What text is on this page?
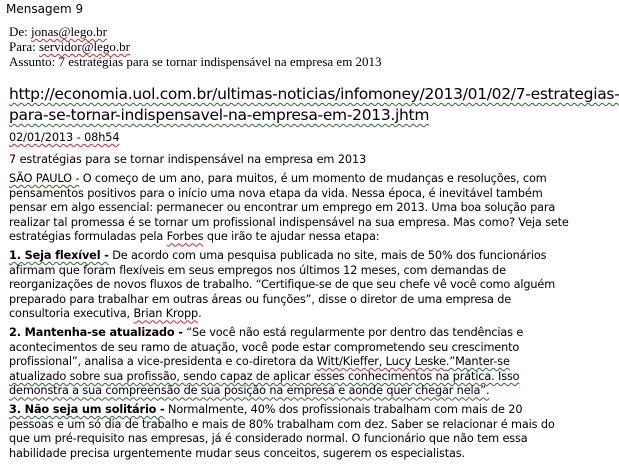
Mensagem 9
De: jonas@lego.br
Para: servidor@lego.br
Assunto: 7 estratégias para se tornar indispensável na empresa em 2013
http://economia.uol.com.br/ultimas-noticias/infomoney/2013/01/02/7-estrategias-
para-se-tornar-indispensavel-na-empresa-em-2013.jhtm
02/01/2013 - 08h54
7 estratégias para se tornar indispensável na empresa em 2013
SÃO PAULO - O começo de um ano, para muitos, é um momento de mudanças e resoluções, com
pensamentos positivos para o início uma nova etapa da vida. Nessa época, é inevitável também
pensar em algo essencial: permanecer ou encontrar um emprego em 2013. Uma boa solução para
realizar tal promessa é se tornar um profissional indispensável na sua empresa. Mas como? Veja sete
estratégias formuladas pela Forbes que irão te ajudar nessa etapa:
1. Seja flexível - De acordo com uma pesquisa publicada no site, mais de 50% dos funcionários
afirmam que foram flexíveis em seus empregos nos últimos 12 meses, com demandas de
reorganizações de novos fluxos de trabalho. “Certifique-se de que seu chefe vê você como alguém
preparado para trabalhar em outras áreas ou funções”, disse o diretor de uma empresa de
consultoria executiva, Brian Kropp.
2. Mantenha-se atualizado - “Se você não está regularmente por dentro das tendências e
acontecimentos de seu ramo de atuação, você pode estar comprometendo seu crescimento
profissional”, analisa a vice-presidenta e co-diretora da Witt/Kieffer, Lucy Leske.”Manter-se
atualizado sobre sua profissão, sendo capaz de aplicar esses conhecimentos na prática. Isso
demonstra a sua compreensão de sua posição na empresa e aonde quer chegar nela”.
3. Não seja um solitário - Normalmente, 40% dos profissionais trabalham com mais de 20
pessoas e um só dia de trabalho e mais de 80% trabalham com dez. Saber se relacionar é mais do
que um pré-requisito nas empresas, já é considerado normal. O funcionário que não tem essa
habilidade precisa urgentemente mudar seus conceitos, sugerem os especialistas.
